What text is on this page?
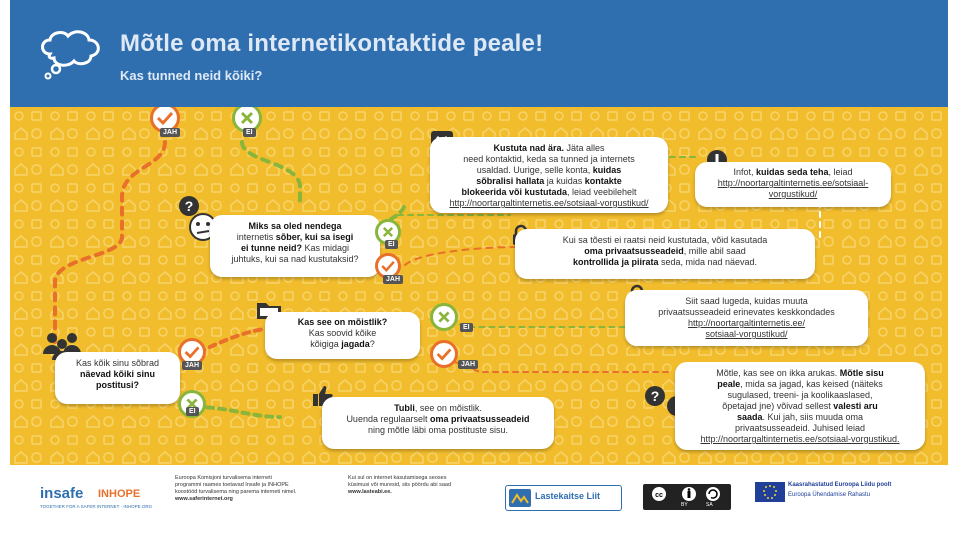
Mõtle oma internetikontaktide peale!
Kas tunned neid kõiki?
JAH	EI
Kustuta nad ära. Jäta alles
need kontaktid, keda sa tunned ja internets
usaldad. Uurige, selle konta, kuidas
sõbralisi hallata ja kuidas kontakte
blokeerida või kustutada, leiad veebilehelt
http://noortargaltinternetis.ee/sotsiaal-vorgustikud/
Infot, kuidas seda teha, leiad
http://noortargaltinternetis.ee/sotsiaal-
vorgustikud/
?
Miks sa oled nendega
internetis sõber, kui sa isegi
ei tunne neid? Kas midagi
juhtuks, kui sa nad kustutaksid?
EI
JAH
Kui sa tõesti ei raatsi neid kustutada, võid kasutada
oma privaatsusseadeid, mille abil saad
kontrollida ja piirata seda, mida nad näevad.
Siit saad lugeda, kuidas muuta
privaatsusseadeid erinevates keskkondades
http://noortargaltinternetis.ee/
sotsiaal-vorgustikud/
Kas see on mõistlik?
Kas soovid kõike
kõigiga jagada?
EI
JAH
Kas kõik sinu sõbrad
näevad kõiki sinu
postitusi?
JAH
EI	Tubli, see on mõistlik.
Uuenda regulaarselt oma privaatsusseadeid
ning mõtle läbi oma postituste sisu.
?
Mõtle, kas see on ikka arukas. Mõtle sisu
peale, mida sa jagad, kas keised (näiteks
sugulased, treeni- ja koolikaaslased,
õpetajad jne) võivad sellest valesti aru
saada. Kui jah, siis muuda oma
privaatsusseadeid. Juhised leiad
http://noortargaltinternetis.ee/sotsiaal-vorgustikud.
insafe INHOPE
TOGETHER FOR A SAFER INTERNET · INHOPE.ORG
Euroopa Komisjoni turvalisema interneti
programmi raames toetavad Insafe ja INHOPE
koostööd turvalisema ning parema interneti nimel.
www.saferinternet.org
Kui sul on internet kasutamisega seoses
küsimusi või muresid, siis pöördu abi saad
www.lasteabi.ee.	Lastekaitse Liit	cc
BY	SA
Kaasrahastatud Euroopa Liidu poolt
Euroopa Ühendamise Rahastu
